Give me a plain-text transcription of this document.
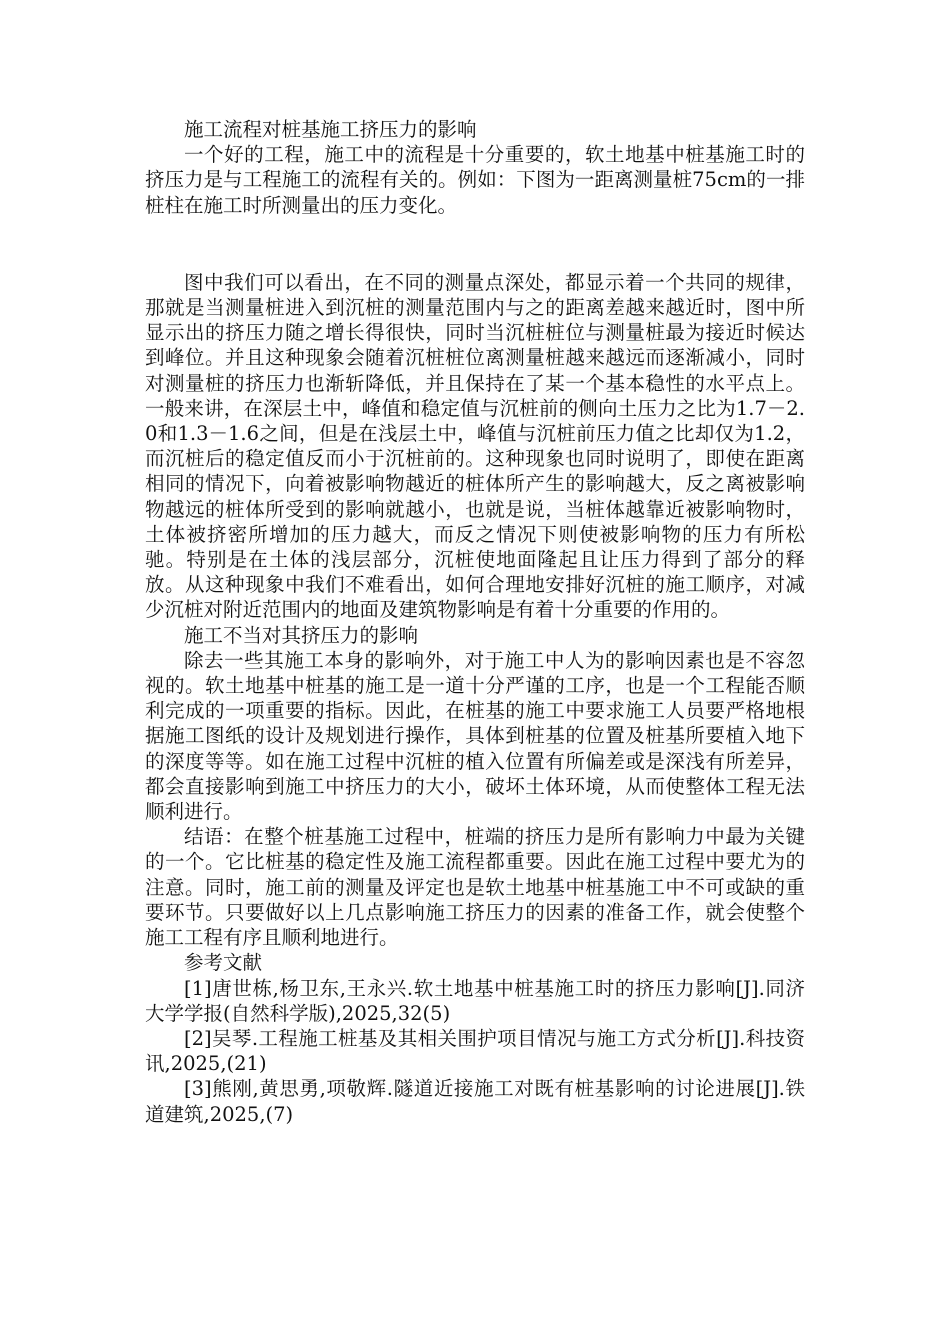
施工流程对桩基施工挤压力的影响

一个好的工程，施工中的流程是十分重要的，软土地基中桩基施工时的挤压力是与工程施工的流程有关的。例如：下图为一距离测量桩75cm的一排桩柱在施工时所测量出的压力变化。

图中我们可以看出，在不同的测量点深处，都显示着一个共同的规律，那就是当测量桩进入到沉桩的测量范围内与之的距离差越来越近时，图中所显示出的挤压力随之增长得很快，同时当沉桩桩位与测量桩最为接近时候达到峰位。并且这种现象会随着沉桩桩位离测量桩越来越远而逐渐减小，同时对测量桩的挤压力也渐斩降低，并且保持在了某一个基本稳性的水平点上。一般来讲，在深层土中，峰值和稳定值与沉桩前的侧向土压力之比为1.7－2.0和1.3－1.6之间，但是在浅层土中，峰值与沉桩前压力值之比却仅为1.2，而沉桩后的稳定值反而小于沉桩前的。这种现象也同时说明了，即使在距离相同的情况下，向着被影响物越近的桩体所产生的影响越大，反之离被影响物越远的桩体所受到的影响就越小，也就是说，当桩体越靠近被影响物时，土体被挤密所增加的压力越大，而反之情况下则使被影响物的压力有所松驰。特别是在土体的浅层部分，沉桩使地面隆起且让压力得到了部分的释放。从这种现象中我们不难看出，如何合理地安排好沉桩的施工顺序，对减少沉桩对附近范围内的地面及建筑物影响是有着十分重要的作用的。

施工不当对其挤压力的影响

除去一些其施工本身的影响外，对于施工中人为的影响因素也是不容忽视的。软土地基中桩基的施工是一道十分严谨的工序，也是一个工程能否顺利完成的一项重要的指标。因此，在桩基的施工中要求施工人员要严格地根据施工图纸的设计及规划进行操作，具体到桩基的位置及桩基所要植入地下的深度等等。如在施工过程中沉桩的植入位置有所偏差或是深浅有所差异，都会直接影响到施工中挤压力的大小，破坏土体环境，从而使整体工程无法顺利进行。

结语：在整个桩基施工过程中，桩端的挤压力是所有影响力中最为关键的一个。它比桩基的稳定性及施工流程都重要。因此在施工过程中要尤为的注意。同时，施工前的测量及评定也是软土地基中桩基施工中不可或缺的重要环节。只要做好以上几点影响施工挤压力的因素的准备工作，就会使整个施工工程有序且顺利地进行。

参考文献

[1]唐世栋,杨卫东,王永兴.软土地基中桩基施工时的挤压力影响[J].同济大学学报(自然科学版),2025,32(5)

[2]吴琴.工程施工桩基及其相关围护项目情况与施工方式分析[J].科技资讯,2025,(21)

[3]熊刚,黄思勇,项敬辉.隧道近接施工对既有桩基影响的讨论进展[J].铁道建筑,2025,(7)
